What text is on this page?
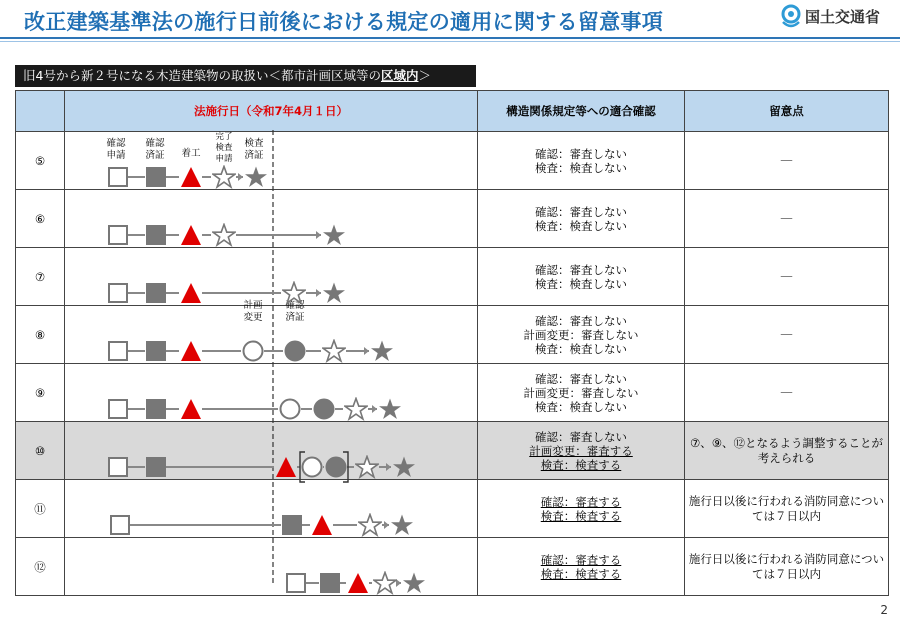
改正建築基準法の施行日前後における規定の適用に関する留意事項	国土交通省
旧4号から新２号になる木造建築物の取扱い＜都市計画区域等の区域内＞
	法施行日（令和7年4月１日）	構造関係規定等への適合確認	留意点
⑤		確認：審査しない
検査：検査しない	―
⑥		確認：審査しない
検査：検査しない	―
⑦		確認：審査しない
検査：検査しない	―
⑧		確認：審査しない
計画変更：審査しない
検査：検査しない	―
⑨		確認：審査しない
計画変更：審査しない
検査：検査しない	―
⑩		確認：審査しない
計画変更：審査する
検査：検査する	⑦、⑨、⑫となるよう調整することが考えられる
⑪		確認：審査する
検査：検査する	施行日以後に行われる消防同意については７日以内
⑫		確認：審査する
検査：検査する	施行日以後に行われる消防同意については７日以内
確認
申請
確認
済証 着工
完了
検査
申請
検査
済証
計画
変更
確認
済証
2
